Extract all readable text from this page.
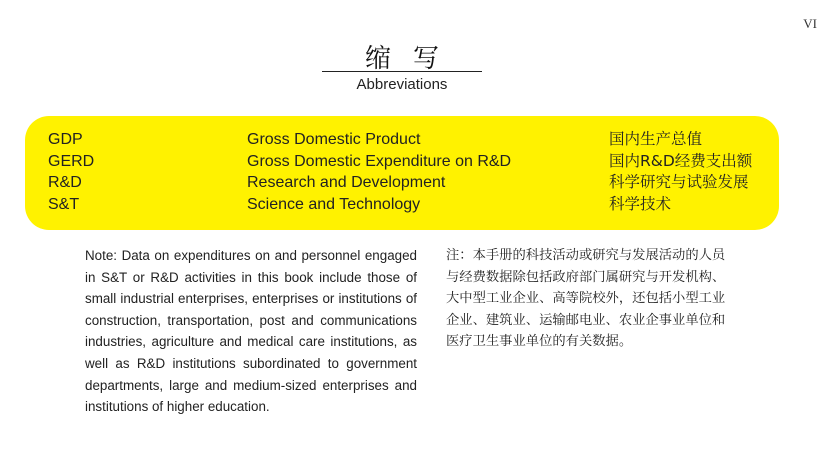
VI
缩写
Abbreviations
GDP	Gross Domestic Product	国内生产总值
GERD	Gross Domestic Expenditure on R&D	国内R&D经费支出额
R&D	Research and Development	科学研究与试验发展
S&T	Science and Technology	科学技术
Note: Data on expenditures on and personnel engaged in S&T or R&D activities in this book include those of small industrial enterprises, enterprises or institutions of construction, transportation, post and communications industries, agriculture and medical care institutions, as well as R&D institutions subordinated to government departments, large and medium-sized enterprises and institutions of higher education.
注：本手册的科技活动或研究与发展活动的人员与经费数据除包括政府部门属研究与开发机构、大中型工业企业、高等院校外，还包括小型工业企业、建筑业、运输邮电业、农业企事业单位和医疗卫生事业单位的有关数据。
